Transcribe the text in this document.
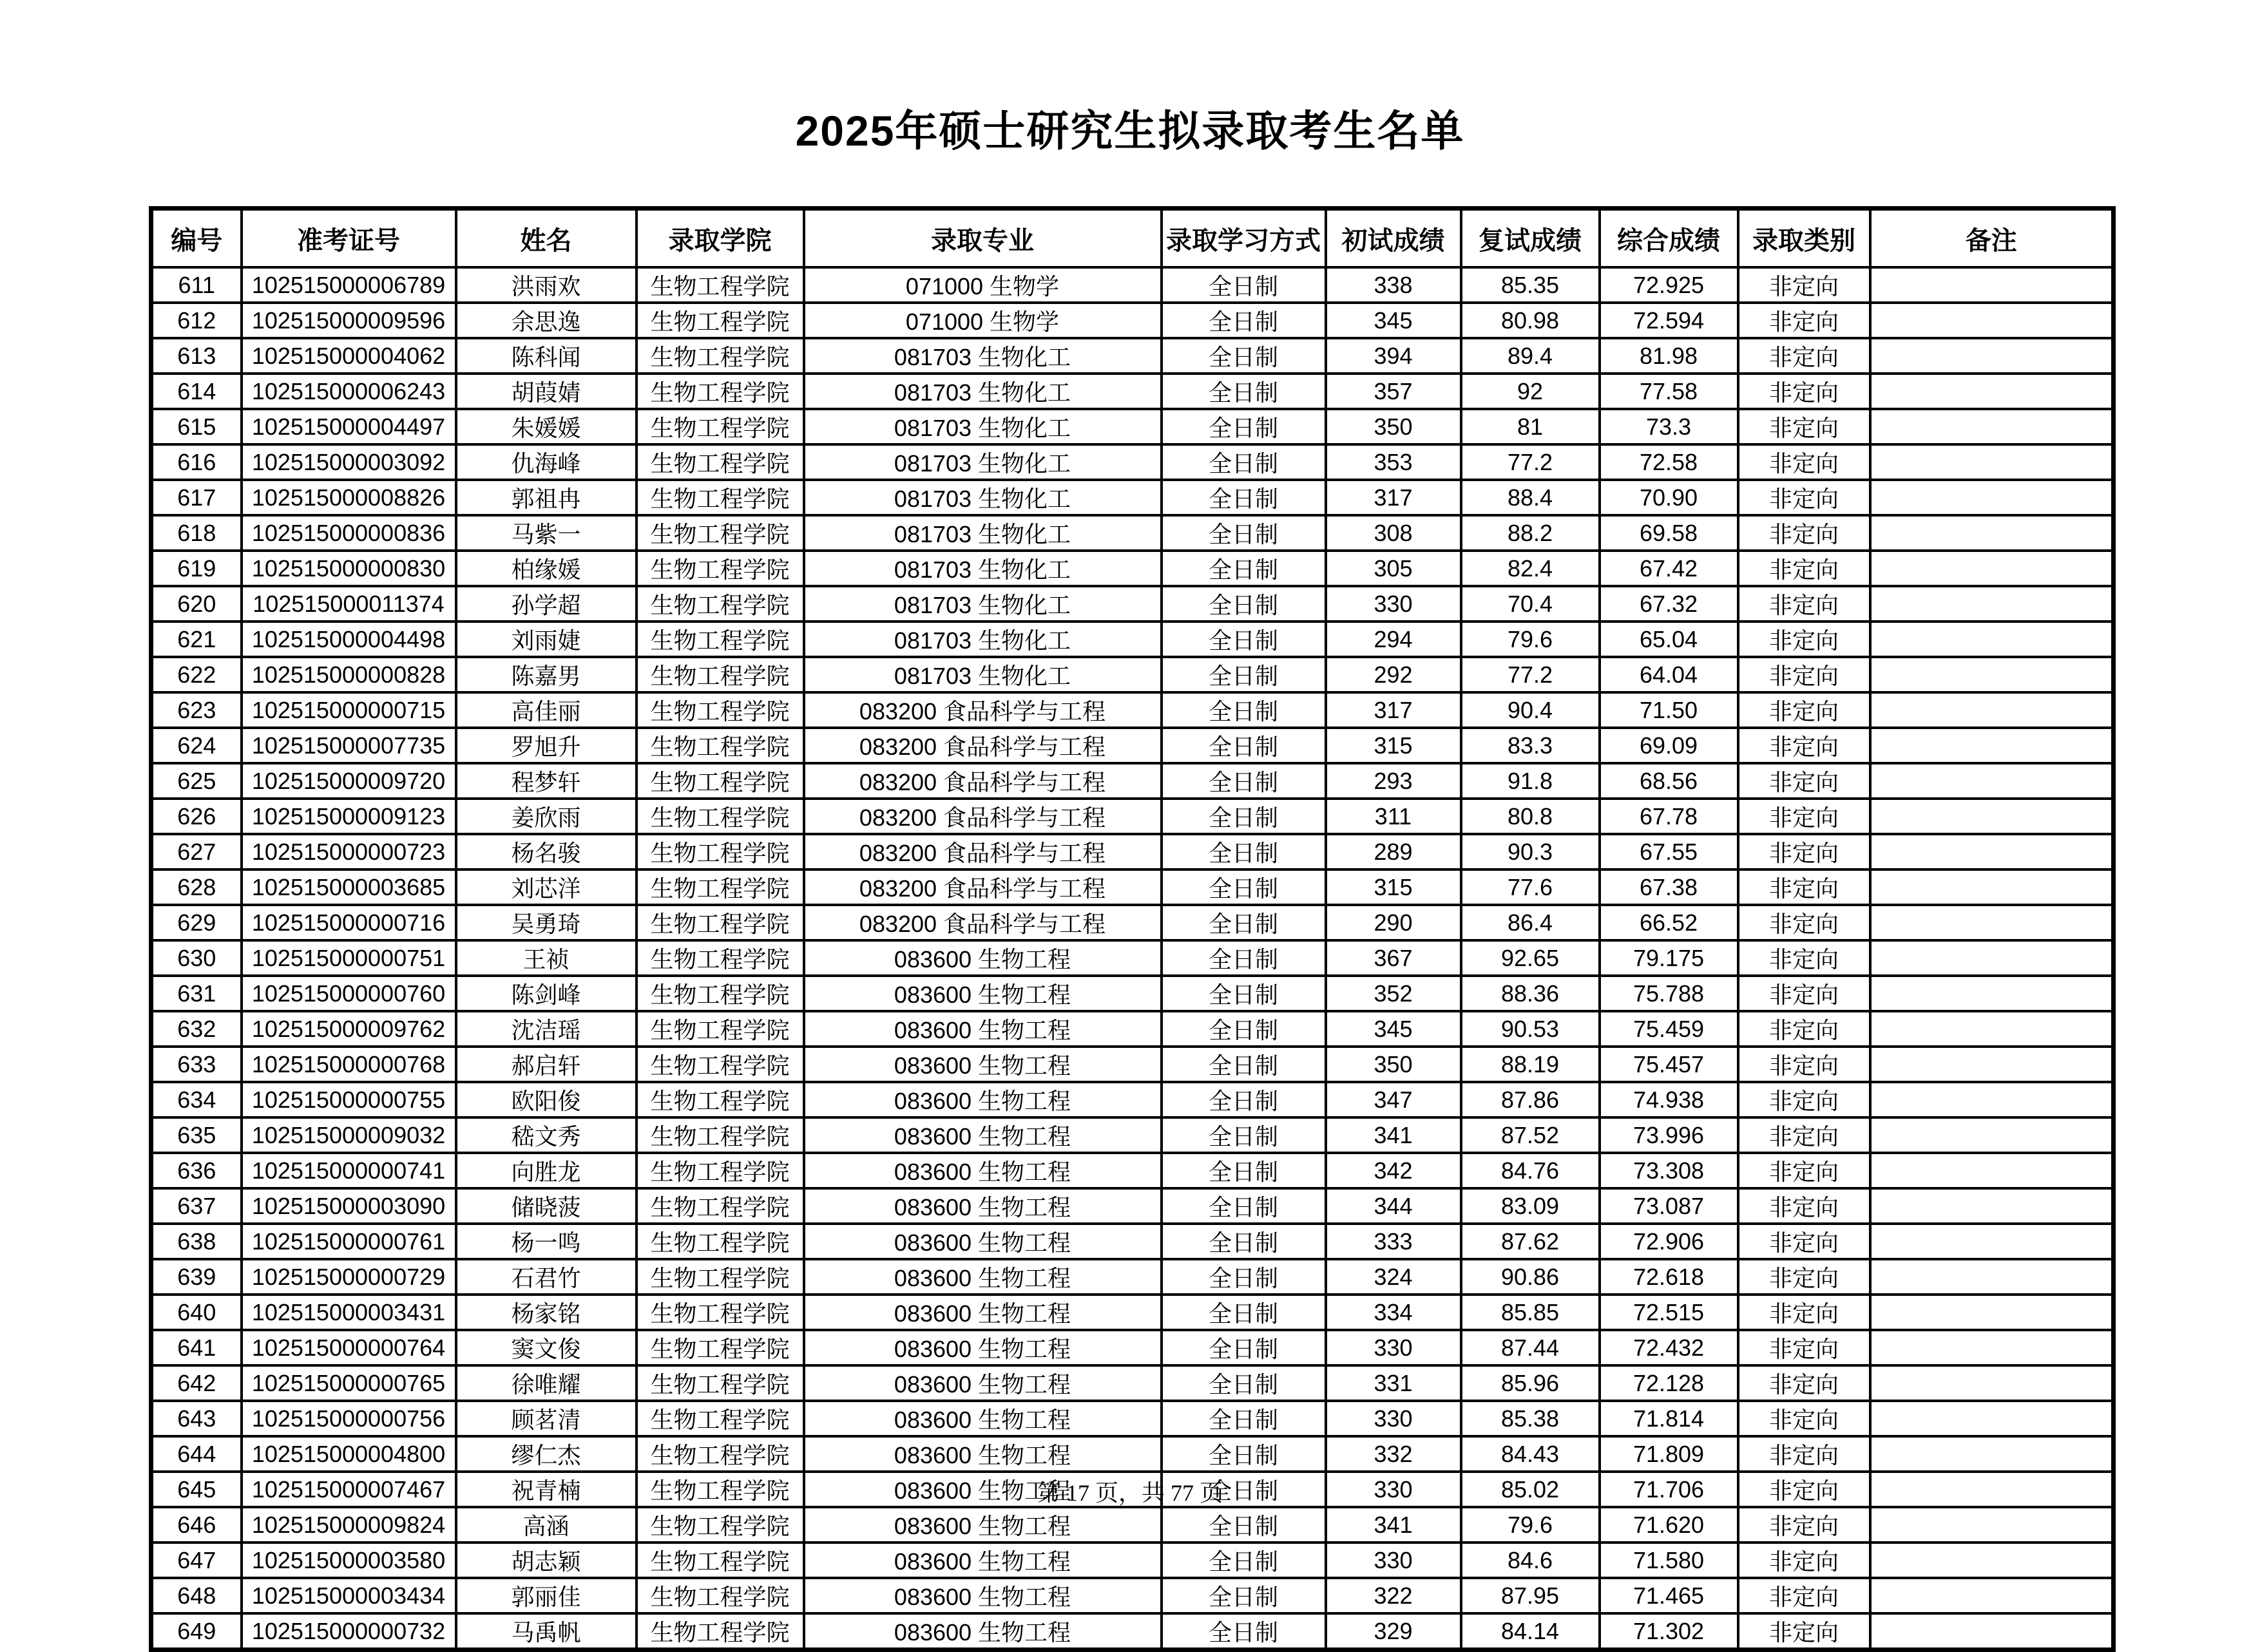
2025年硕士研究生拟录取考生名单
编号	准考证号	姓名	录取学院	录取专业	录取学习方式	初试成绩	复试成绩	综合成绩	录取类别	备注
611	102515000006789	洪雨欢	生物工程学院	071000 生物学	全日制	338	85.35	72.925	非定向	
612	102515000009596	余思逸	生物工程学院	071000 生物学	全日制	345	80.98	72.594	非定向	
613	102515000004062	陈科闻	生物工程学院	081703 生物化工	全日制	394	89.4	81.98	非定向	
614	102515000006243	胡葭婧	生物工程学院	081703 生物化工	全日制	357	92	77.58	非定向	
615	102515000004497	朱媛媛	生物工程学院	081703 生物化工	全日制	350	81	73.3	非定向	
616	102515000003092	仇海峰	生物工程学院	081703 生物化工	全日制	353	77.2	72.58	非定向	
617	102515000008826	郭祖冉	生物工程学院	081703 生物化工	全日制	317	88.4	70.90	非定向	
618	102515000000836	马紫一	生物工程学院	081703 生物化工	全日制	308	88.2	69.58	非定向	
619	102515000000830	柏缘媛	生物工程学院	081703 生物化工	全日制	305	82.4	67.42	非定向	
620	102515000011374	孙学超	生物工程学院	081703 生物化工	全日制	330	70.4	67.32	非定向	
621	102515000004498	刘雨婕	生物工程学院	081703 生物化工	全日制	294	79.6	65.04	非定向	
622	102515000000828	陈嘉男	生物工程学院	081703 生物化工	全日制	292	77.2	64.04	非定向	
623	102515000000715	高佳丽	生物工程学院	083200 食品科学与工程	全日制	317	90.4	71.50	非定向	
624	102515000007735	罗旭升	生物工程学院	083200 食品科学与工程	全日制	315	83.3	69.09	非定向	
625	102515000009720	程梦轩	生物工程学院	083200 食品科学与工程	全日制	293	91.8	68.56	非定向	
626	102515000009123	姜欣雨	生物工程学院	083200 食品科学与工程	全日制	311	80.8	67.78	非定向	
627	102515000000723	杨名骏	生物工程学院	083200 食品科学与工程	全日制	289	90.3	67.55	非定向	
628	102515000003685	刘芯洋	生物工程学院	083200 食品科学与工程	全日制	315	77.6	67.38	非定向	
629	102515000000716	吴勇琦	生物工程学院	083200 食品科学与工程	全日制	290	86.4	66.52	非定向	
630	102515000000751	王祯	生物工程学院	083600 生物工程	全日制	367	92.65	79.175	非定向	
631	102515000000760	陈剑峰	生物工程学院	083600 生物工程	全日制	352	88.36	75.788	非定向	
632	102515000009762	沈洁瑶	生物工程学院	083600 生物工程	全日制	345	90.53	75.459	非定向	
633	102515000000768	郝启轩	生物工程学院	083600 生物工程	全日制	350	88.19	75.457	非定向	
634	102515000000755	欧阳俊	生物工程学院	083600 生物工程	全日制	347	87.86	74.938	非定向	
635	102515000009032	嵇文秀	生物工程学院	083600 生物工程	全日制	341	87.52	73.996	非定向	
636	102515000000741	向胜龙	生物工程学院	083600 生物工程	全日制	342	84.76	73.308	非定向	
637	102515000003090	储晓菠	生物工程学院	083600 生物工程	全日制	344	83.09	73.087	非定向	
638	102515000000761	杨一鸣	生物工程学院	083600 生物工程	全日制	333	87.62	72.906	非定向	
639	102515000000729	石君竹	生物工程学院	083600 生物工程	全日制	324	90.86	72.618	非定向	
640	102515000003431	杨家铭	生物工程学院	083600 生物工程	全日制	334	85.85	72.515	非定向	
641	102515000000764	窦文俊	生物工程学院	083600 生物工程	全日制	330	87.44	72.432	非定向	
642	102515000000765	徐唯耀	生物工程学院	083600 生物工程	全日制	331	85.96	72.128	非定向	
643	102515000000756	顾茗清	生物工程学院	083600 生物工程	全日制	330	85.38	71.814	非定向	
644	102515000004800	缪仁杰	生物工程学院	083600 生物工程	全日制	332	84.43	71.809	非定向	
645	102515000007467	祝青楠	生物工程学院	083600 生物工程	全日制	330	85.02	71.706	非定向	
646	102515000009824	高涵	生物工程学院	083600 生物工程	全日制	341	79.6	71.620	非定向	
647	102515000003580	胡志颖	生物工程学院	083600 生物工程	全日制	330	84.6	71.580	非定向	
648	102515000003434	郭丽佳	生物工程学院	083600 生物工程	全日制	322	87.95	71.465	非定向	
649	102515000000732	马禹帆	生物工程学院	083600 生物工程	全日制	329	84.14	71.302	非定向	
第 17 页，共 77 页
